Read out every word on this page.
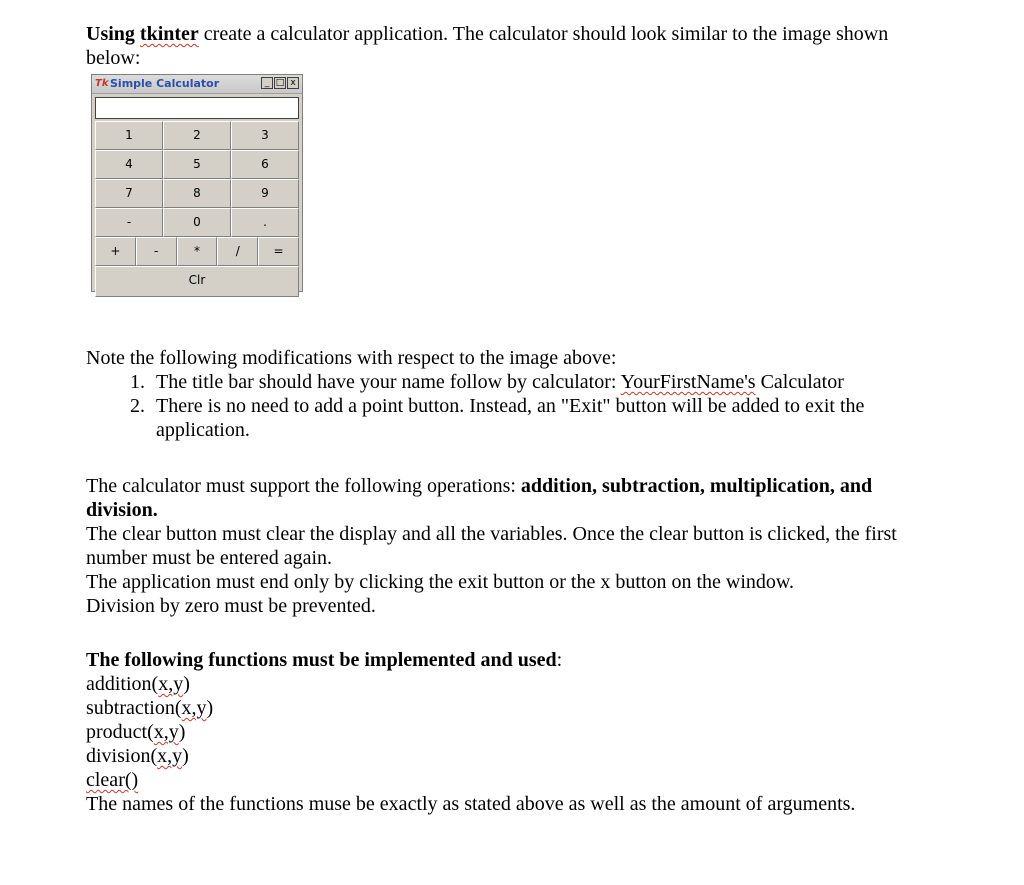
Using tkinter create a calculator application. The calculator should look similar to the image shown below:

Tk Simple Calculator	_ □ x
1	2	3
4	5	6
7	8	9
-	0	.
+	-	*	/	=
Clr

Note the following modifications with respect to the image above:

1. The title bar should have your name follow by calculator: YourFirstName's Calculator
2. There is no need to add a point button. Instead, an "Exit" button will be added to exit the application.

The calculator must support the following operations: addition, subtraction, multiplication, and division.

The clear button must clear the display and all the variables. Once the clear button is clicked, the first number must be entered again.

The application must end only by clicking the exit button or the x button on the window.

Division by zero must be prevented.

The following functions must be implemented and used:

addition(x,y)

subtraction(x,y)

product(x,y)

division(x,y)

clear()

The names of the functions muse be exactly as stated above as well as the amount of arguments.
